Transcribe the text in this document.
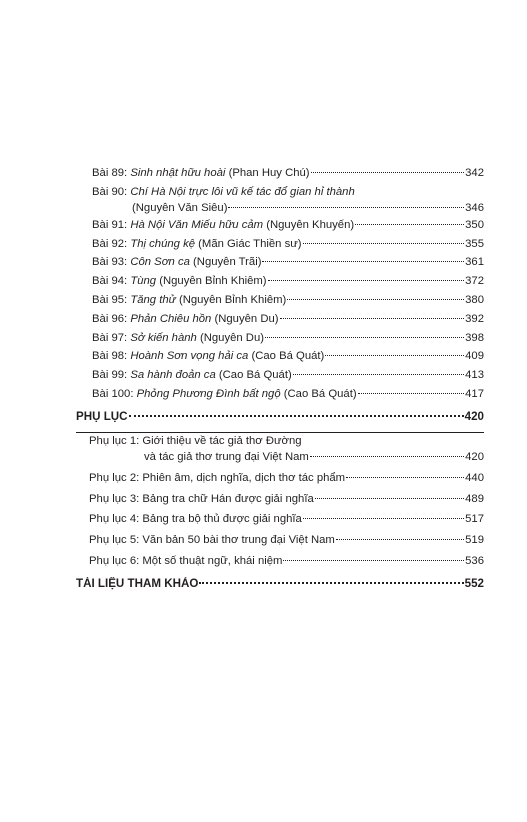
Bài 89: Sinh nhật hữu hoài (Phan Huy Chú)	342
Bài 90: Chí Hà Nội trực lôi vũ kế tác đổ gian hỉ thành
(Nguyễn Văn Siêu)	346
Bài 91: Hà Nội Văn Miếu hữu cảm (Nguyễn Khuyến)	350
Bài 92: Thị chúng kệ (Mãn Giác Thiền sư)	355
Bài 93: Côn Sơn ca (Nguyễn Trãi)	361
Bài 94: Tùng (Nguyễn Bỉnh Khiêm)	372
Bài 95: Tăng thử (Nguyễn Bỉnh Khiêm)	380
Bài 96: Phản Chiêu hồn (Nguyễn Du)	392
Bài 97: Sở kiến hành (Nguyễn Du)	398
Bài 98: Hoành Sơn vọng hải ca (Cao Bá Quát)	409
Bài 99: Sa hành đoản ca (Cao Bá Quát)	413
Bài 100: Phỏng Phương Đình bất ngộ (Cao Bá Quát)	417
PHỤ LỤC	420
Phụ lục 1: Giới thiệu về tác giả thơ Đường
và tác giả thơ trung đại Việt Nam	420
Phụ lục 2: Phiên âm, dịch nghĩa, dịch thơ tác phẩm	440
Phụ lục 3: Bảng tra chữ Hán được giải nghĩa	489
Phụ lục 4: Bảng tra bộ thủ được giải nghĩa	517
Phụ lục 5: Văn bản 50 bài thơ trung đại Việt Nam	519
Phụ lục 6: Một số thuật ngữ, khái niệm	536
TÀI LIỆU THAM KHẢO	552
